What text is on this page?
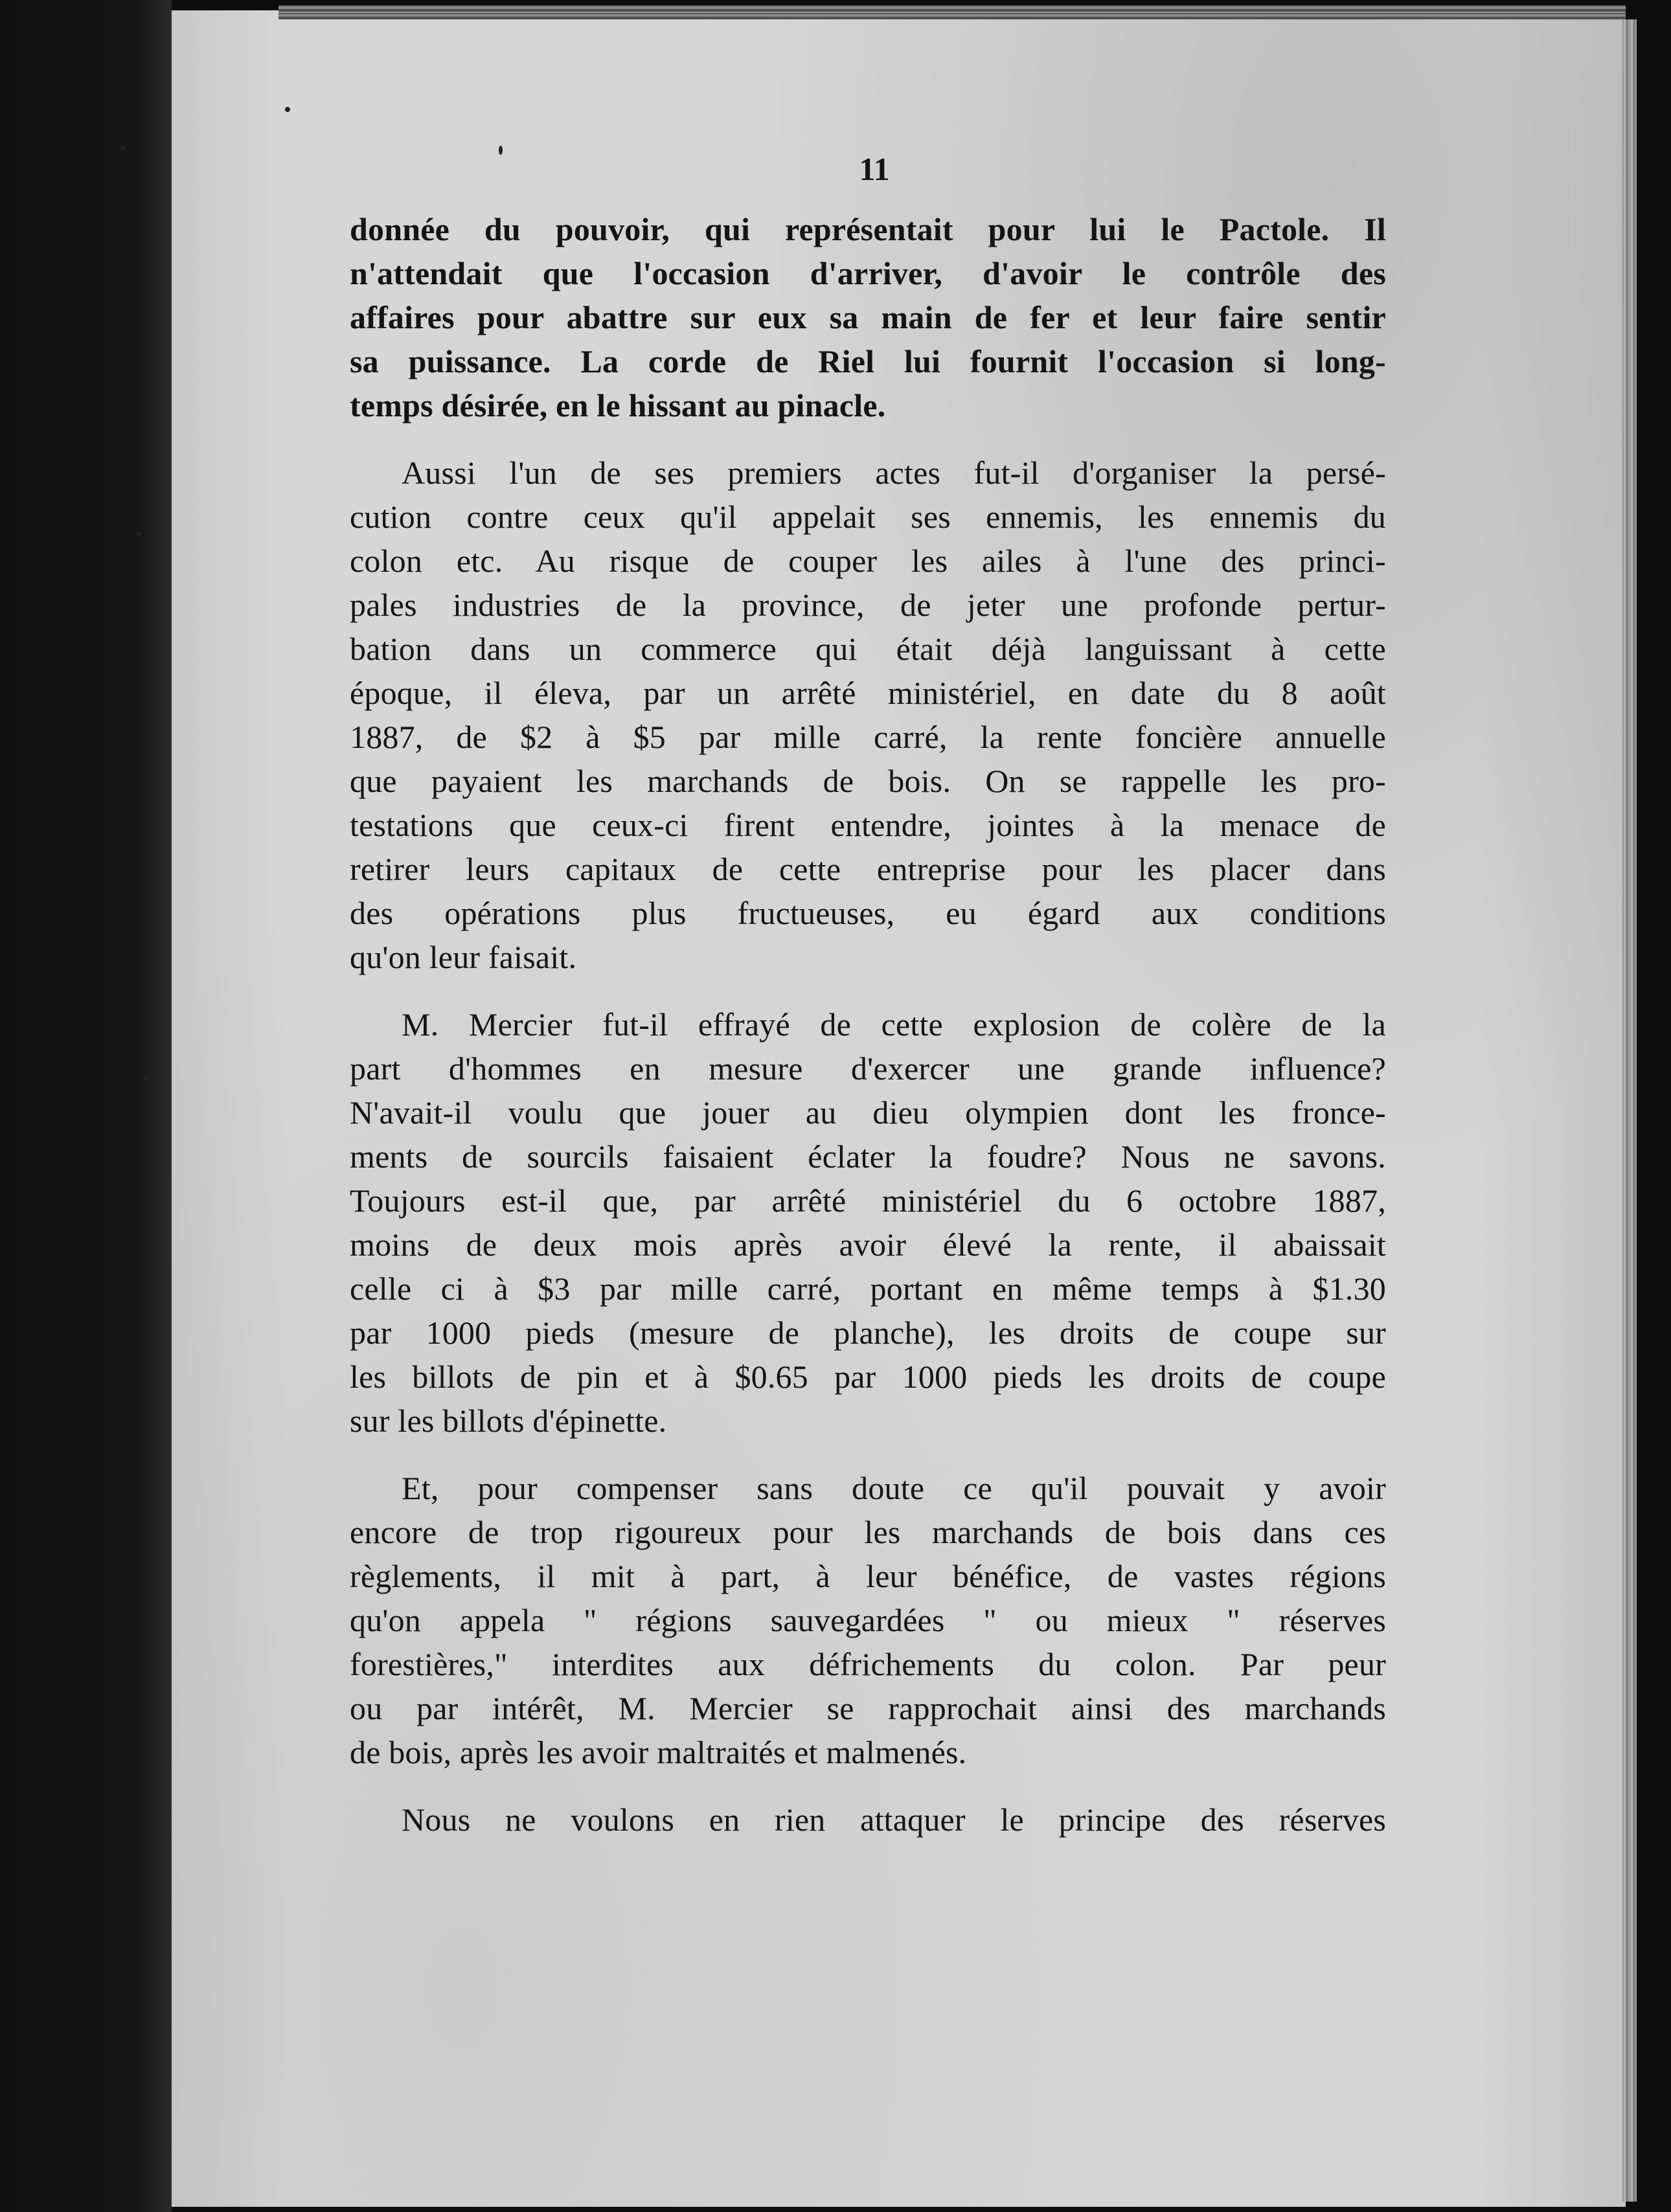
11
donnée du pouvoir, qui représentait pour lui le Pactole. Il
n'attendait que l'occasion d'arriver, d'avoir le contrôle des
affaires pour abattre sur eux sa main de fer et leur faire sentir
sa puissance. La corde de Riel lui fournit l'occasion si long-
temps désirée, en le hissant au pinacle.
Aussi l'un de ses premiers actes fut-il d'organiser la persé-
cution contre ceux qu'il appelait ses ennemis, les ennemis du
colon etc. Au risque de couper les ailes à l'une des princi-
pales industries de la province, de jeter une profonde pertur-
bation dans un commerce qui était déjà languissant à cette
époque, il éleva, par un arrêté ministériel, en date du 8 août
1887, de $2 à $5 par mille carré, la rente foncière annuelle
que payaient les marchands de bois. On se rappelle les pro-
testations que ceux-ci firent entendre, jointes à la menace de
retirer leurs capitaux de cette entreprise pour les placer dans
des opérations plus fructueuses, eu égard aux conditions
qu'on leur faisait.
M. Mercier fut-il effrayé de cette explosion de colère de la
part d'hommes en mesure d'exercer une grande influence?
N'avait-il voulu que jouer au dieu olympien dont les froncе-
ments de sourcils faisaient éclater la foudre? Nous ne savons.
Toujours est-il que, par arrêté ministériel du 6 octobre 1887,
moins de deux mois après avoir élevé la rente, il abaissait
celle ci à $3 par mille carré, portant en même temps à $1.30
par 1000 pieds (mesure de planche), les droits de coupe sur
les billots de pin et à $0.65 par 1000 pieds les droits de coupe
sur les billots d'épinette.
Et, pour compenser sans doute ce qu'il pouvait y avoir
encore de trop rigoureux pour les marchands de bois dans ces
règlements, il mit à part, à leur bénéfice, de vastes régions
qu'on appela " régions sauvegardées " ou mieux " réserves
forestières," interdites aux défrichements du colon. Par peur
ou par intérêt, M. Mercier se rapprochait ainsi des marchands
de bois, après les avoir maltraités et malmenés.
Nous ne voulons en rien attaquer le principe des réserves
